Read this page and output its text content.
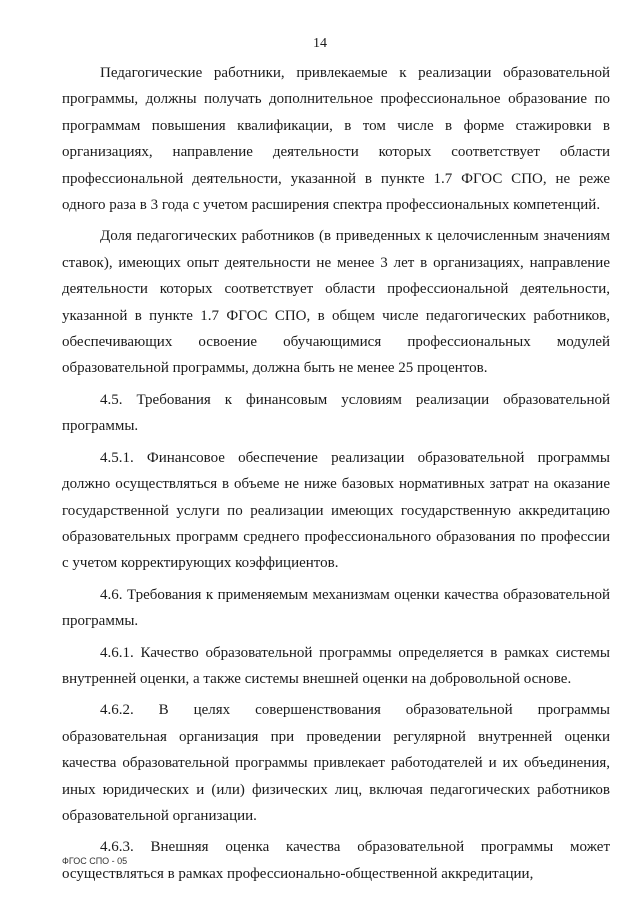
14

Педагогические работники, привлекаемые к реализации образовательной программы, должны получать дополнительное профессиональное образование по программам повышения квалификации, в том числе в форме стажировки в организациях, направление деятельности которых соответствует области профессиональной деятельности, указанной в пункте 1.7 ФГОС СПО, не реже одного раза в 3 года с учетом расширения спектра профессиональных компетенций.

Доля педагогических работников (в приведенных к целочисленным значениям ставок), имеющих опыт деятельности не менее 3 лет в организациях, направление деятельности которых соответствует области профессиональной деятельности, указанной в пункте 1.7 ФГОС СПО, в общем числе педагогических работников, обеспечивающих освоение обучающимися профессиональных модулей образовательной программы, должна быть не менее 25 процентов.

4.5. Требования к финансовым условиям реализации образовательной программы.

4.5.1. Финансовое обеспечение реализации образовательной программы должно осуществляться в объеме не ниже базовых нормативных затрат на оказание государственной услуги по реализации имеющих государственную аккредитацию образовательных программ среднего профессионального образования по профессии с учетом корректирующих коэффициентов.

4.6. Требования к применяемым механизмам оценки качества образовательной программы.

4.6.1. Качество образовательной программы определяется в рамках системы внутренней оценки, а также системы внешней оценки на добровольной основе.

4.6.2. В целях совершенствования образовательной программы образовательная организация при проведении регулярной внутренней оценки качества образовательной программы привлекает работодателей и их объединения, иных юридических и (или) физических лиц, включая педагогических работников образовательной организации.

4.6.3. Внешняя оценка качества образовательной программы может осуществляться в рамках профессионально-общественной аккредитации,

ФГОС СПО - 05
